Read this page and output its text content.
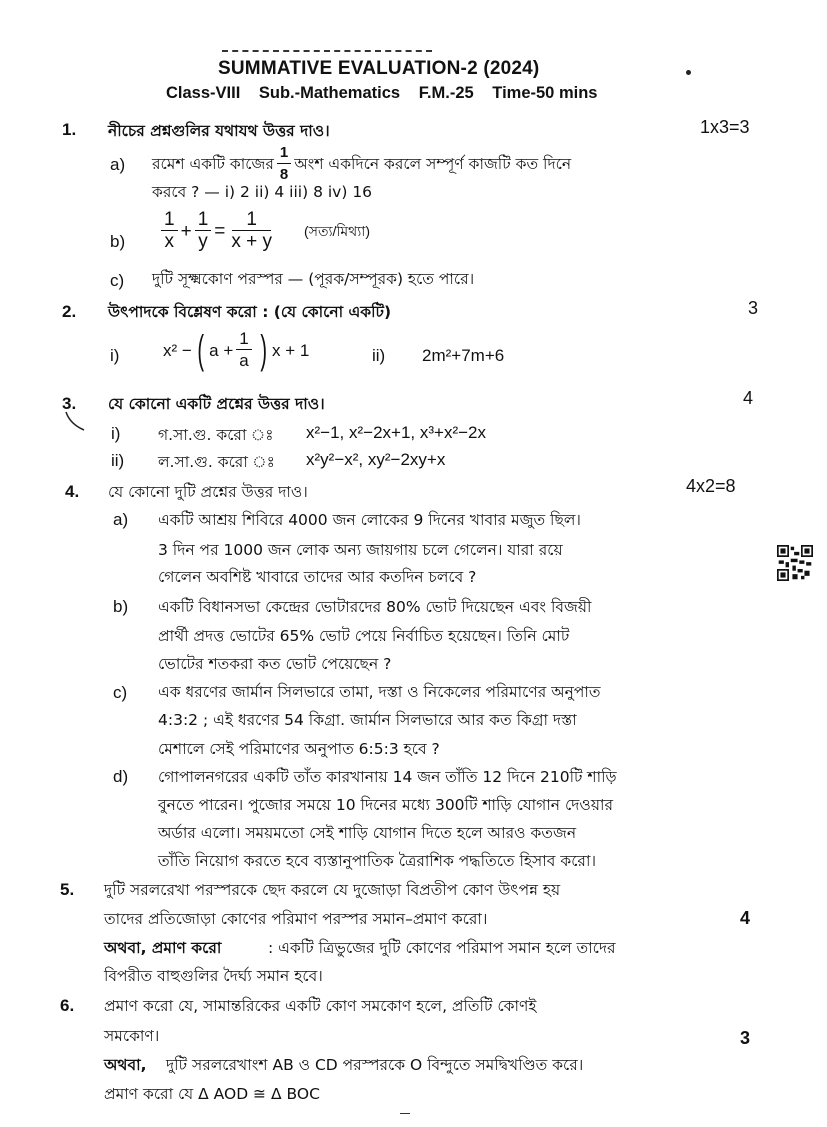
SUMMATIVE EVALUATION-2 (2024)
Class-VIII Sub.-Mathematics F.M.-25 Time-50 mins
1. নীচের প্রশ্নগুলির যথাযথ উত্তর দাও।	1x3=3
a) রমেশ একটি কাজের $\frac{1}{8}$ অংশ একদিনে করলে সম্পূর্ণ কাজটি কত দিনে
করবে ? — i) 2 ii) 4 iii) 8 iv) 16
$b) \frac{1}{x} + \frac{1}{y} = \frac{1}{x + y}$ (সত্য/মিথ্যা)
c) দুটি সূক্ষ্মকোণ পরস্পর — (পূরক/সম্পূরক) হতে পারে।
2. উৎপাদকে বিশ্লেষণ করো : (যে কোনো একটি)	3
i)	x² − ( $a + \frac{1}{a}$ ) x + 1	ii) 2m²+7m+6
3. যে কোনো একটি প্রশ্নের উত্তর দাও।	4
i) গ.সা.গু. করো ঃ x²−1, x²−2x+1, x³+x²−2x
ii) ল.সা.গু. করো ঃ x²y²−x², xy²−2xy+x
4. যে কোনো দুটি প্রশ্নের উত্তর দাও।	4x2=8
a) একটি আশ্রয় শিবিরে 4000 জন লোকের 9 দিনের খাবার মজুত ছিল।
3 দিন পর 1000 জন লোক অন্য জায়গায় চলে গেলেন। যারা রয়ে
গেলেন অবশিষ্ট খাবারে তাদের আর কতদিন চলবে ?
b) একটি বিধানসভা কেন্দ্রের ভোটারদের 80% ভোট দিয়েছেন এবং বিজয়ী
প্রার্থী প্রদত্ত ভোটের 65% ভোট পেয়ে নির্বাচিত হয়েছেন। তিনি মোট
ভোটের শতকরা কত ভোট পেয়েছেন ?
c) এক ধরণের জার্মান সিলভারে তামা, দস্তা ও নিকেলের পরিমাণের অনুপাত
4:3:2 ; এই ধরণের 54 কিগ্রা. জার্মান সিলভারে আর কত কিগ্রা দস্তা
মেশালে সেই পরিমাণের অনুপাত 6:5:3 হবে ?
d) গোপালনগরের একটি তাঁত কারখানায় 14 জন তাঁতি 12 দিনে 210টি শাড়ি
বুনতে পারেন। পুজোর সময়ে 10 দিনের মধ্যে 300টি শাড়ি যোগান দেওয়ার
অর্ডার এলো। সময়মতো সেই শাড়ি যোগান দিতে হলে আরও কতজন
তাঁতি নিয়োগ করতে হবে ব্যস্তানুপাতিক ত্রৈরাশিক পদ্ধতিতে হিসাব করো।
5. দুটি সরলরেখা পরস্পরকে ছেদ করলে যে দুজোড়া বিপ্রতীপ কোণ উৎপন্ন হয়
তাদের প্রতিজোড়া কোণের পরিমাণ পরস্পর সমান–প্রমাণ করো।	4
অথবা, প্রমাণ করো	: একটি ত্রিভুজের দুটি কোণের পরিমাপ সমান হলে তাদের
বিপরীত বাহুগুলির দৈর্ঘ্য সমান হবে।
6. প্রমাণ করো যে, সামান্তরিকের একটি কোণ সমকোণ হলে, প্রতিটি কোণই
সমকোণ।	3
অথবা, দুটি সরলরেখাংশ AB ও CD পরস্পরকে O বিন্দুতে সমদ্বিখণ্ডিত করে।
প্রমাণ করো যে Δ AOD ≅ Δ BOC
